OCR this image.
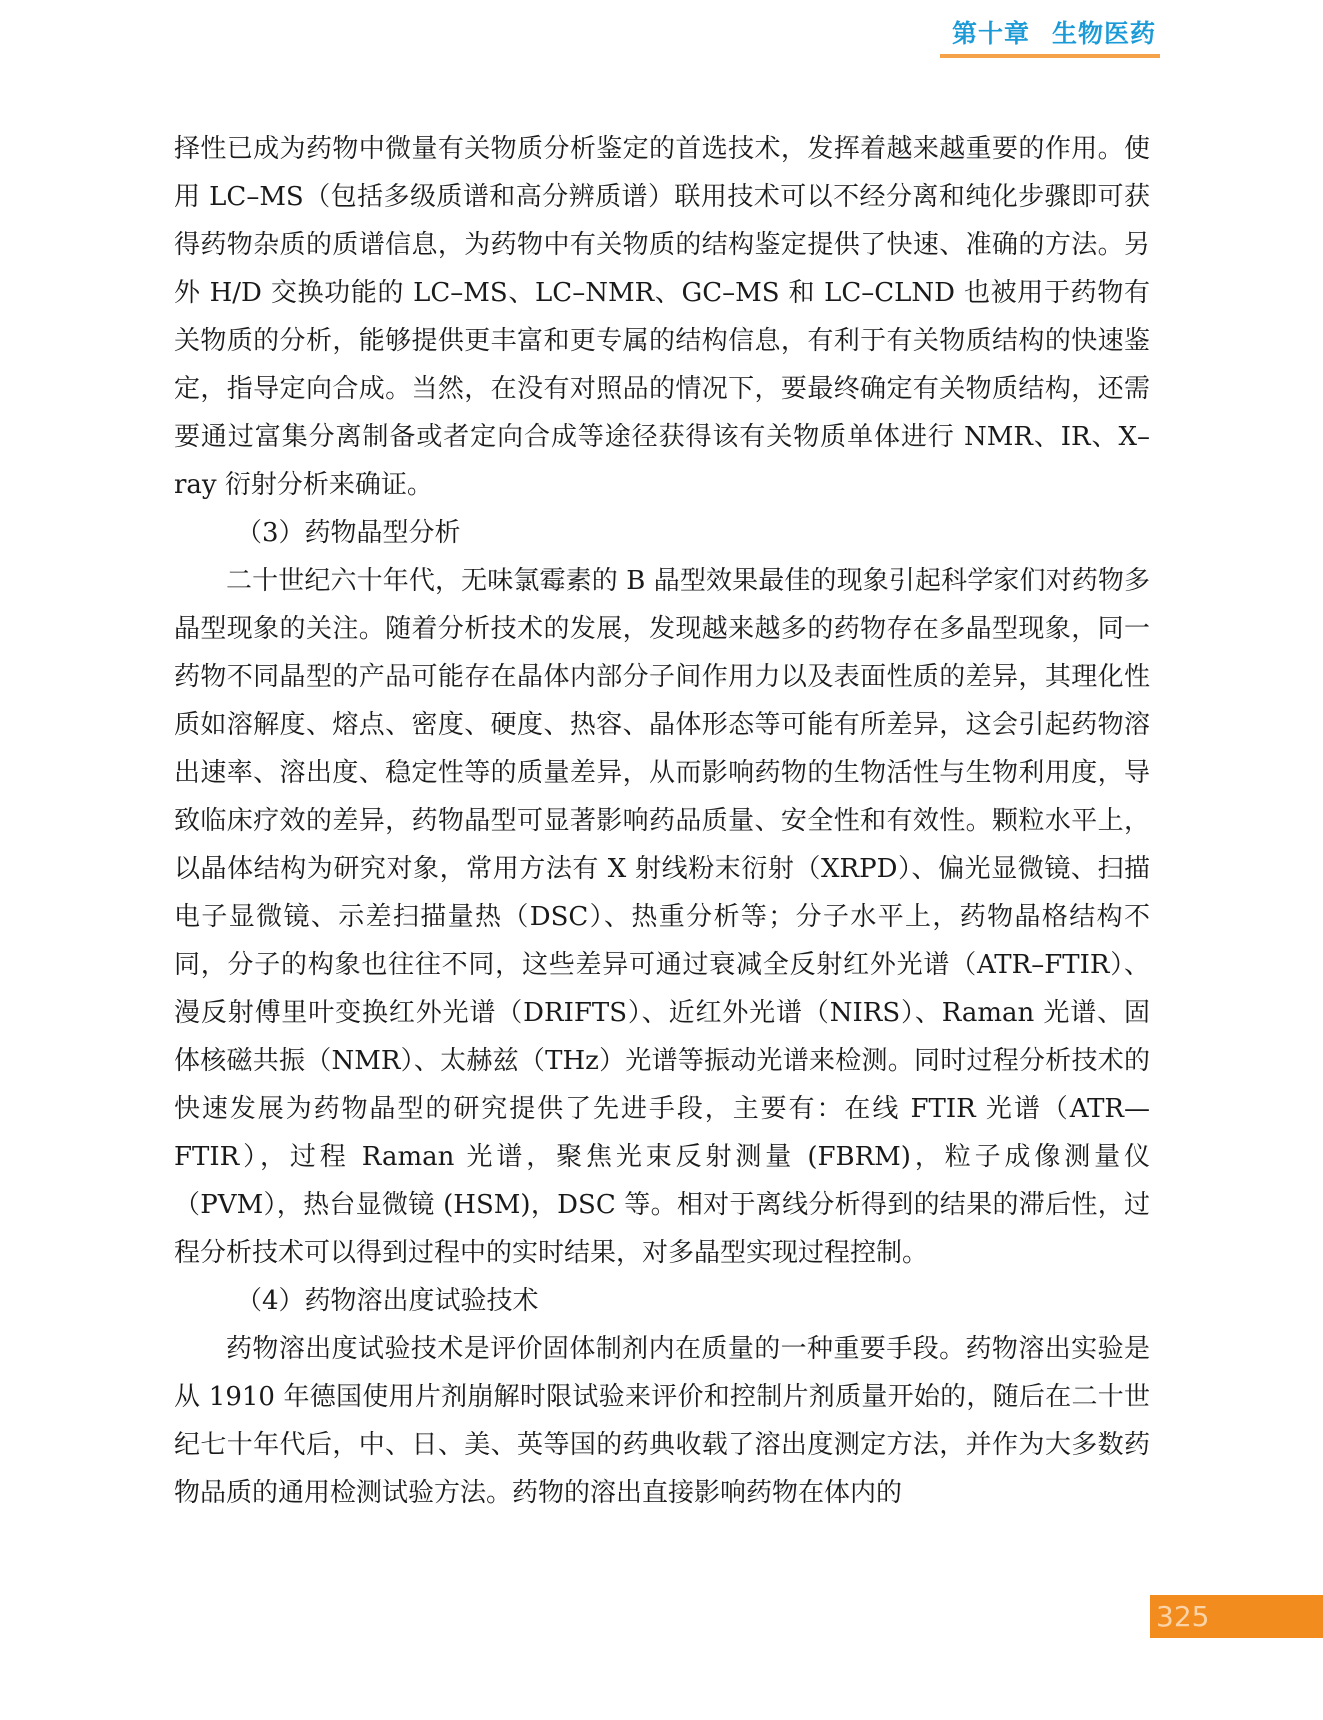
第十章 生物医药

择性已成为药物中微量有关物质分析鉴定的首选技术，发挥着越来越重要的作用。使用 LC–MS（包括多级质谱和高分辨质谱）联用技术可以不经分离和纯化步骤即可获得药物杂质的质谱信息，为药物中有关物质的结构鉴定提供了快速、准确的方法。另外 H/D 交换功能的 LC–MS、LC–NMR、GC–MS 和 LC–CLND 也被用于药物有关物质的分析，能够提供更丰富和更专属的结构信息，有利于有关物质结构的快速鉴定，指导定向合成。当然，在没有对照品的情况下，要最终确定有关物质结构，还需要通过富集分离制备或者定向合成等途径获得该有关物质单体进行 NMR、IR、X–ray 衍射分析来确证。

（3）药物晶型分析

二十世纪六十年代，无味氯霉素的 B 晶型效果最佳的现象引起科学家们对药物多晶型现象的关注。随着分析技术的发展，发现越来越多的药物存在多晶型现象，同一药物不同晶型的产品可能存在晶体内部分子间作用力以及表面性质的差异，其理化性质如溶解度、熔点、密度、硬度、热容、晶体形态等可能有所差异，这会引起药物溶出速率、溶出度、稳定性等的质量差异，从而影响药物的生物活性与生物利用度，导致临床疗效的差异，药物晶型可显著影响药品质量、安全性和有效性。颗粒水平上，以晶体结构为研究对象，常用方法有 X 射线粉末衍射（XRPD）、偏光显微镜、扫描电子显微镜、示差扫描量热（DSC）、热重分析等；分子水平上，药物晶格结构不同，分子的构象也往往不同，这些差异可通过衰减全反射红外光谱（ATR–FTIR）、漫反射傅里叶变换红外光谱（DRIFTS）、近红外光谱（NIRS）、Raman 光谱、固体核磁共振（NMR）、太赫兹（THz）光谱等振动光谱来检测。同时过程分析技术的快速发展为药物晶型的研究提供了先进手段，主要有：在线 FTIR 光谱（ATR—FTIR），过程 Raman 光谱，聚焦光束反射测量 (FBRM)，粒子成像测量仪（PVM），热台显微镜 (HSM)，DSC 等。相对于离线分析得到的结果的滞后性，过程分析技术可以得到过程中的实时结果，对多晶型实现过程控制。

（4）药物溶出度试验技术

药物溶出度试验技术是评价固体制剂内在质量的一种重要手段。药物溶出实验是从 1910 年德国使用片剂崩解时限试验来评价和控制片剂质量开始的，随后在二十世纪七十年代后，中、日、美、英等国的药典收载了溶出度测定方法，并作为大多数药物品质的通用检测试验方法。药物的溶出直接影响药物在体内的

325
